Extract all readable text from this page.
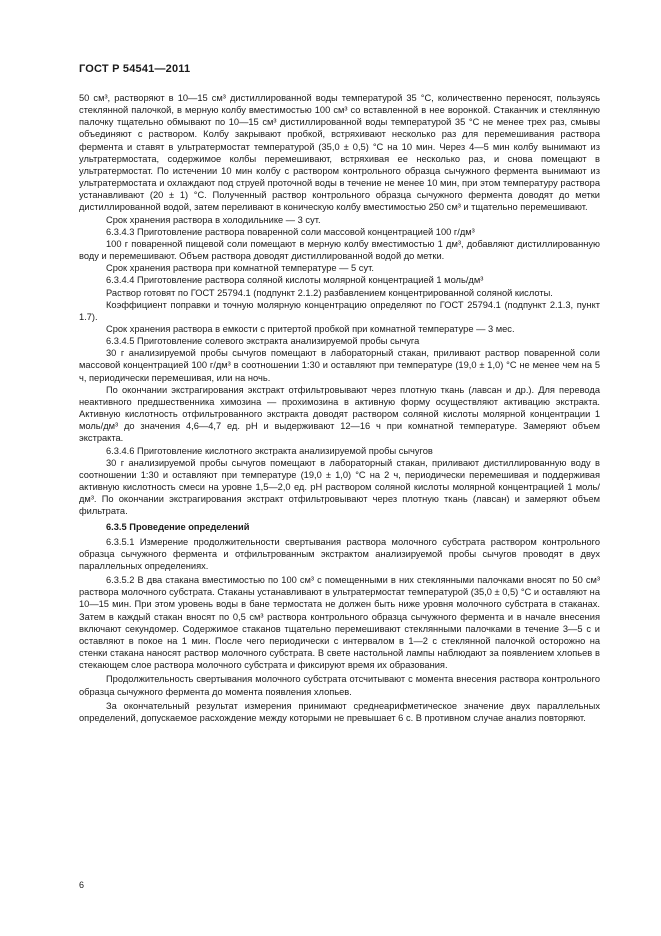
ГОСТ Р 54541—2011

50 см³, растворяют в 10—15 см³ дистиллированной воды температурой 35 °С, количественно переносят, пользуясь стеклянной палочкой, в мерную колбу вместимостью 100 см³ со вставленной в нее воронкой. Стаканчик и стеклянную палочку тщательно обмывают по 10—15 см³ дистиллированной воды температурой 35 °С не менее трех раз, смывы объединяют с раствором. Колбу закрывают пробкой, встряхивают несколько раз для перемешивания раствора фермента и ставят в ультратермостат температурой (35,0 ± 0,5) °С на 10 мин. Через 4—5 мин колбу вынимают из ультратермостата, содержимое колбы перемешивают, встряхивая ее несколько раз, и снова помещают в ультратермостат. По истечении 10 мин колбу с раствором контрольного образца сычужного фермента вынимают из ультратермостата и охлаждают под струей проточной воды в течение не менее 10 мин, при этом температуру раствора устанавливают (20 ± 1) °С. Полученный раствор контрольного образца сычужного фермента доводят до метки дистиллированной водой, затем переливают в коническую колбу вместимостью 250 см³ и тщательно перемешивают.

Срок хранения раствора в холодильнике — 3 сут.

6.3.4.3 Приготовление раствора поваренной соли массовой концентрацией 100 г/дм³

100 г поваренной пищевой соли помещают в мерную колбу вместимостью 1 дм³, добавляют дистиллированную воду и перемешивают. Объем раствора доводят дистиллированной водой до метки.

Срок хранения раствора при комнатной температуре — 5 сут.

6.3.4.4 Приготовление раствора соляной кислоты молярной концентрацией 1 моль/дм³

Раствор готовят по ГОСТ 25794.1 (подпункт 2.1.2) разбавлением концентрированной соляной кислоты.

Коэффициент поправки и точную молярную концентрацию определяют по ГОСТ 25794.1 (подпункт 2.1.3, пункт 1.7).

Срок хранения раствора в емкости с притертой пробкой при комнатной температуре — 3 мес.

6.3.4.5 Приготовление солевого экстракта анализируемой пробы сычуга

30 г анализируемой пробы сычугов помещают в лабораторный стакан, приливают раствор поваренной соли массовой концентрацией 100 г/дм³ в соотношении 1:30 и оставляют при температуре (19,0 ± 1,0) °С не менее чем на 5 ч, периодически перемешивая, или на ночь.

По окончании экстрагирования экстракт отфильтровывают через плотную ткань (лавсан и др.). Для перевода неактивного предшественника химозина — прохимозина в активную форму осуществляют активацию экстракта. Активную кислотность отфильтрованного экстракта доводят раствором соляной кислоты молярной концентрации 1 моль/дм³ до значения 4,6—4,7 ед. pH и выдерживают 12—16 ч при комнатной температуре. Замеряют объем экстракта.

6.3.4.6 Приготовление кислотного экстракта анализируемой пробы сычугов

30 г анализируемой пробы сычугов помещают в лабораторный стакан, приливают дистиллированную воду в соотношении 1:30 и оставляют при температуре (19,0 ± 1,0) °С на 2 ч, периодически перемешивая и поддерживая активную кислотность смеси на уровне 1,5—2,0 ед. pH раствором соляной кислоты молярной концентрацией 1 моль/дм³. По окончании экстрагирования экстракт отфильтровывают через плотную ткань (лавсан) и замеряют объем фильтрата.

6.3.5 Проведение определений

6.3.5.1 Измерение продолжительности свертывания раствора молочного субстрата раствором контрольного образца сычужного фермента и отфильтрованным экстрактом анализируемой пробы сычугов проводят в двух параллельных определениях.

6.3.5.2 В два стакана вместимостью по 100 см³ с помещенными в них стеклянными палочками вносят по 50 см³ раствора молочного субстрата. Стаканы устанавливают в ультратермостат температурой (35,0 ± 0,5) °С и оставляют на 10—15 мин. При этом уровень воды в бане термостата не должен быть ниже уровня молочного субстрата в стаканах. Затем в каждый стакан вносят по 0,5 см³ раствора контрольного образца сычужного фермента и в начале внесения включают секундомер. Содержимое стаканов тщательно перемешивают стеклянными палочками в течение 3—5 с и оставляют в покое на 1 мин. После чего периодически с интервалом в 1—2 с стеклянной палочкой осторожно на стенки стакана наносят раствор молочного субстрата. В свете настольной лампы наблюдают за появлением хлопьев в стекающем слое раствора молочного субстрата и фиксируют время их образования.

Продолжительность свертывания молочного субстрата отсчитывают с момента внесения раствора контрольного образца сычужного фермента до момента появления хлопьев.

За окончательный результат измерения принимают среднеарифметическое значение двух параллельных определений, допускаемое расхождение между которыми не превышает 6 с. В противном случае анализ повторяют.

6
